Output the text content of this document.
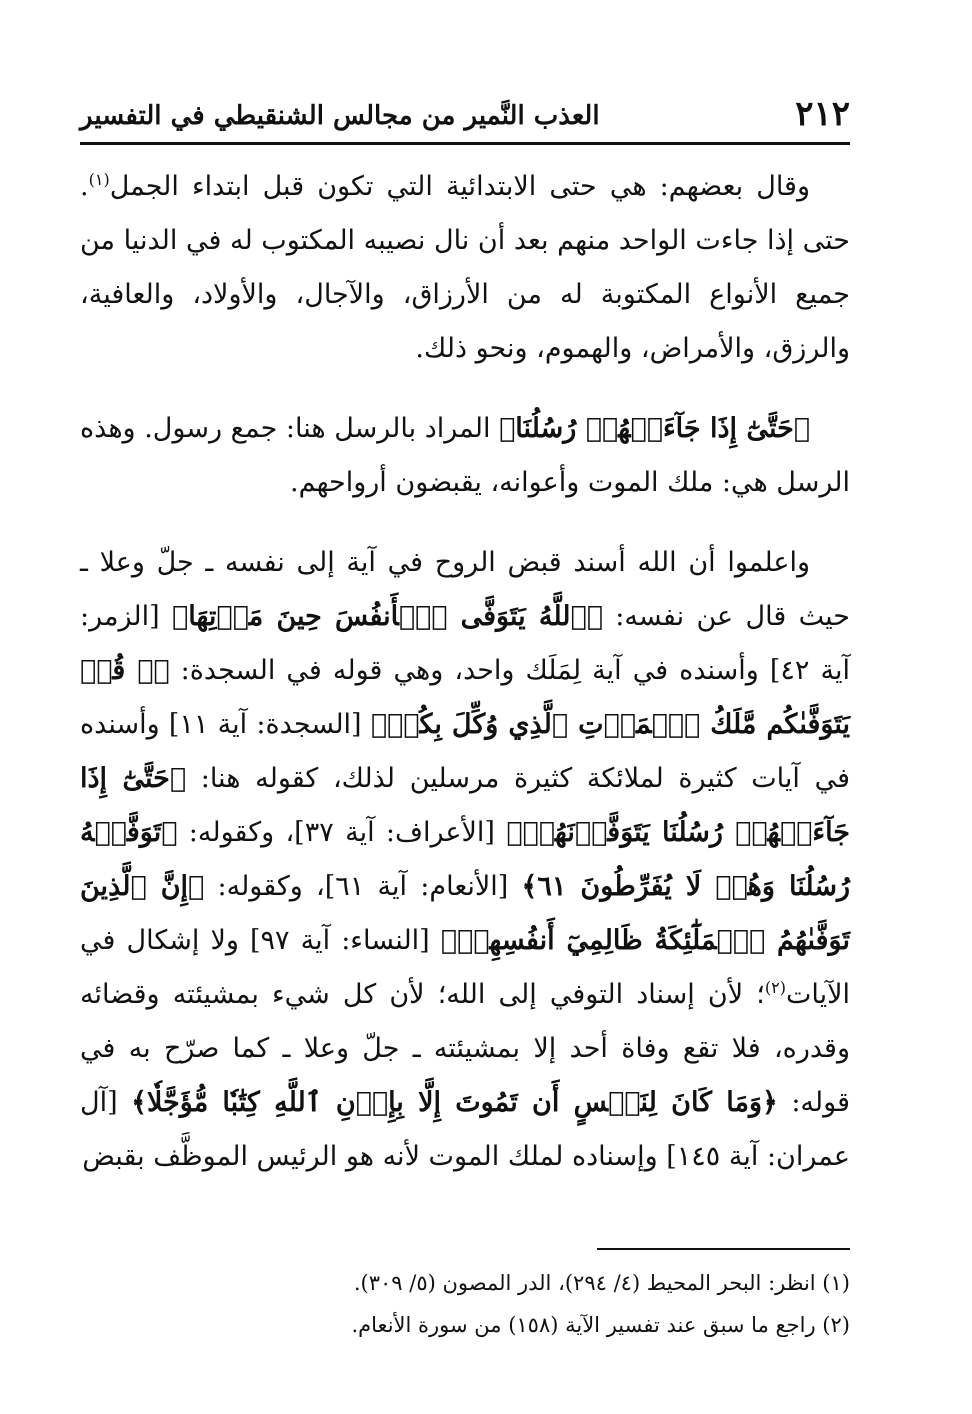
٢١٢
العذب النَّمير من مجالس الشنقيطي في التفسير

وقال بعضهم: هي حتى الابتدائية التي تكون قبل ابتداء الجمل$^{(١)}$. حتى إذا جاءت الواحد منهم بعد أن نال نصيبه المكتوب له في الدنيا من جميع الأنواع المكتوبة له من الأرزاق، والآجال، والأولاد، والعافية، والرزق، والأمراض، والهموم، ونحو ذلك.

﴿حَتَّىٰٓ إِذَا جَآءَتۡهُمۡ رُسُلُنَا﴾ المراد بالرسل هنا: جمع رسول. وهذه الرسل هي: ملك الموت وأعوانه، يقبضون أرواحهم.

واعلموا أن الله أسند قبض الروح في آية إلى نفسه ـ جلّ وعلا ـ حيث قال عن نفسه: ﴿ٱللَّهُ يَتَوَفَّى ٱلۡأَنفُسَ حِينَ مَوۡتِهَا﴾ [الزمر: آية ٤٢] وأسنده في آية لِمَلَك واحد، وهي قوله في السجدة: ﴿۞ قُلۡ يَتَوَفَّىٰكُم مَّلَكُ ٱلۡمَوۡتِ ٱلَّذِي وُكِّلَ بِكُمۡ﴾ [السجدة: آية ١١] وأسنده في آيات كثيرة لملائكة كثيرة مرسلين لذلك، كقوله هنا: ﴿حَتَّىٰٓ إِذَا جَآءَتۡهُمۡ رُسُلُنَا يَتَوَفَّوۡنَهُمۡ﴾ [الأعراف: آية ٣٧]، وكقوله: ﴿تَوَفَّتۡهُ رُسُلُنَا وَهُمۡ لَا يُفَرِّطُونَ ٦١﴾ [الأنعام: آية ٦١]، وكقوله: ﴿إِنَّ ٱلَّذِينَ تَوَفَّىٰهُمُ ٱلۡمَلَٰٓئِكَةُ ظَالِمِيٓ أَنفُسِهِمۡ﴾ [النساء: آية ٩٧] ولا إشكال في الآيات$^{(٢)}$؛ لأن إسناد التوفي إلى الله؛ لأن كل شيء بمشيئته وقضائه وقدره، فلا تقع وفاة أحد إلا بمشيئته ـ جلّ وعلا ـ كما صرّح به في قوله: ﴿وَمَا كَانَ لِنَفۡسٍ أَن تَمُوتَ إِلَّا بِإِذۡنِ ٱللَّهِ كِتَٰبٗا مُّؤَجَّلٗا﴾ [آل عمران: آية ١٤٥] وإسناده لملك الموت لأنه هو الرئيس الموظَّف بقبض

(١) انظر: البحر المحيط (٤/ ٢٩٤)، الدر المصون (٥/ ٣٠٩).
(٢) راجع ما سبق عند تفسير الآية (١٥٨) من سورة الأنعام.
